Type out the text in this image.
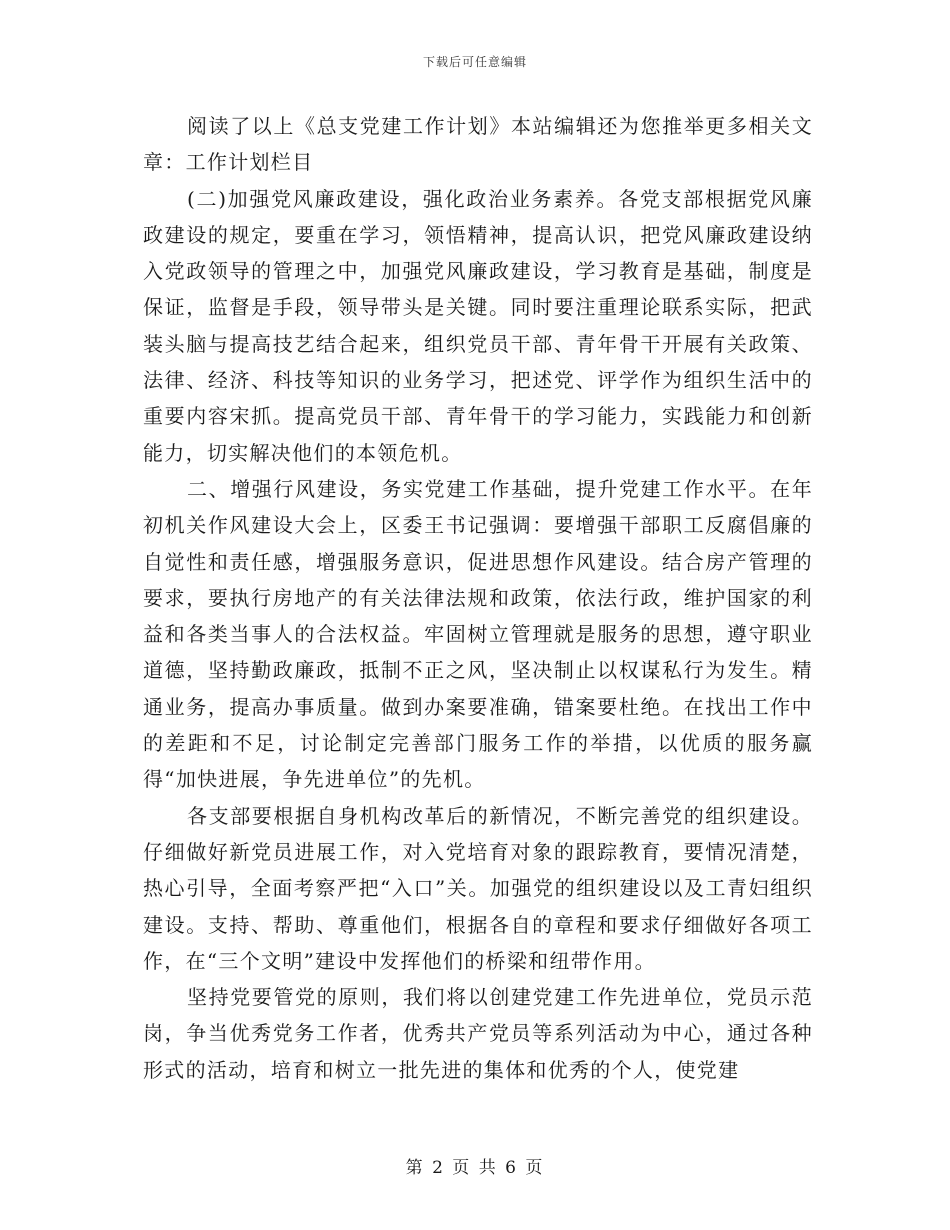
下载后可任意编辑

阅读了以上《总支党建工作计划》本站编辑还为您推举更多相关文章：工作计划栏目

(二)加强党风廉政建设，强化政治业务素养。各党支部根据党风廉政建设的规定，要重在学习，领悟精神，提高认识，把党风廉政建设纳入党政领导的管理之中，加强党风廉政建设，学习教育是基础，制度是保证，监督是手段，领导带头是关键。同时要注重理论联系实际，把武装头脑与提高技艺结合起来，组织党员干部、青年骨干开展有关政策、法律、经济、科技等知识的业务学习，把述党、评学作为组织生活中的重要内容宋抓。提高党员干部、青年骨干的学习能力，实践能力和创新能力，切实解决他们的本领危机。

二、增强行风建设，务实党建工作基础，提升党建工作水平。在年初机关作风建设大会上，区委王书记强调：要增强干部职工反腐倡廉的自觉性和责任感，增强服务意识，促进思想作风建设。结合房产管理的要求，要执行房地产的有关法律法规和政策，依法行政，维护国家的利益和各类当事人的合法权益。牢固树立管理就是服务的思想，遵守职业道德，坚持勤政廉政，抵制不正之风，坚决制止以权谋私行为发生。精通业务，提高办事质量。做到办案要准确，错案要杜绝。在找出工作中的差距和不足，讨论制定完善部门服务工作的举措，以优质的服务赢得“加快进展，争先进单位”的先机。

各支部要根据自身机构改革后的新情况，不断完善党的组织建设。仔细做好新党员进展工作，对入党培育对象的跟踪教育，要情况清楚，热心引导，全面考察严把“入口”关。加强党的组织建设以及工青妇组织建设。支持、帮助、尊重他们，根据各自的章程和要求仔细做好各项工作，在“三个文明”建设中发挥他们的桥梁和纽带作用。

坚持党要管党的原则，我们将以创建党建工作先进单位，党员示范岗，争当优秀党务工作者，优秀共产党员等系列活动为中心，通过各种形式的活动，培育和树立一批先进的集体和优秀的个人，使党建

第 2 页 共 6 页
